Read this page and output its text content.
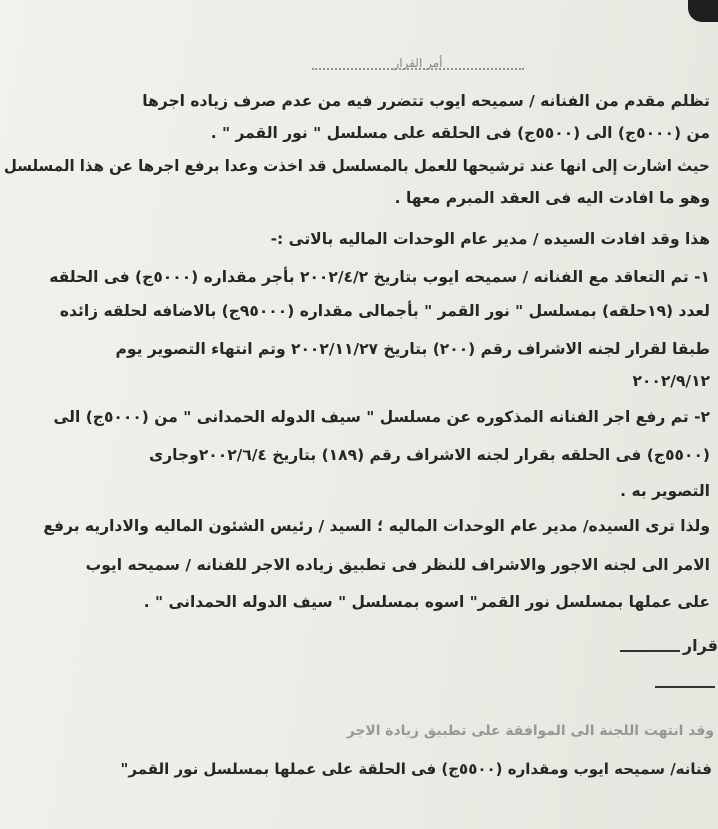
أمر القرار
تظلم مقدم من الفنانه / سميحه ايوب تتضرر فيه من عدم صرف زياده اجرها
من (٥٠٠٠ج) الى (٥٥٠٠ج) فى الحلقه على مسلسل " نور القمر " .
حيث اشارت إلى انها عند ترشيحها للعمل بالمسلسل قد اخذت وعدا برفع اجرها عن هذا المسلسل
وهو ما افادت اليه فى العقد المبرم معها .
هذا وقد افادت السيده / مدير عام الوحدات الماليه بالاتى :-
١- تم التعاقد مع الفنانه / سميحه ايوب بتاريخ ٢٠٠٢/٤/٢ بأجر مقداره (٥٠٠٠ج) فى الحلقه
لعدد (١٩حلقه) بمسلسل " نور القمر " بأجمالى مقداره (٩٥٠٠٠ج) بالاضافه لحلقه زائده
طبقا لقرار لجنه الاشراف رقم (٢٠٠) بتاريخ ٢٠٠٢/١١/٢٧ وتم انتهاء التصوير يوم
٢٠٠٢/٩/١٢
٢- تم رفع اجر الفنانه المذكوره عن مسلسل " سيف الدوله الحمدانى " من (٥٠٠٠ج) الى
(٥٥٠٠ج) فى الحلقه بقرار لجنه الاشراف رقم (١٨٩) بتاريخ ٢٠٠٢/٦/٤وجارى
التصوير به .
ولذا ترى السيده/ مدير عام الوحدات الماليه ؛ السيد / رئيس الشئون الماليه والاداريه برفع
الامر الى لجنه الاجور والاشراف للنظر فى تطبيق زياده الاجر للفنانه / سميحه ايوب
على عملها بمسلسل نور القمر" اسوه بمسلسل " سيف الدوله الحمدانى " .
قرار
وقد انتهت اللجنة الى الموافقة على تطبيق زيادة الاجر
فنانه/ سميحه ايوب ومقداره (٥٥٠٠ج) فى الحلقة على عملها بمسلسل نور القمر"
